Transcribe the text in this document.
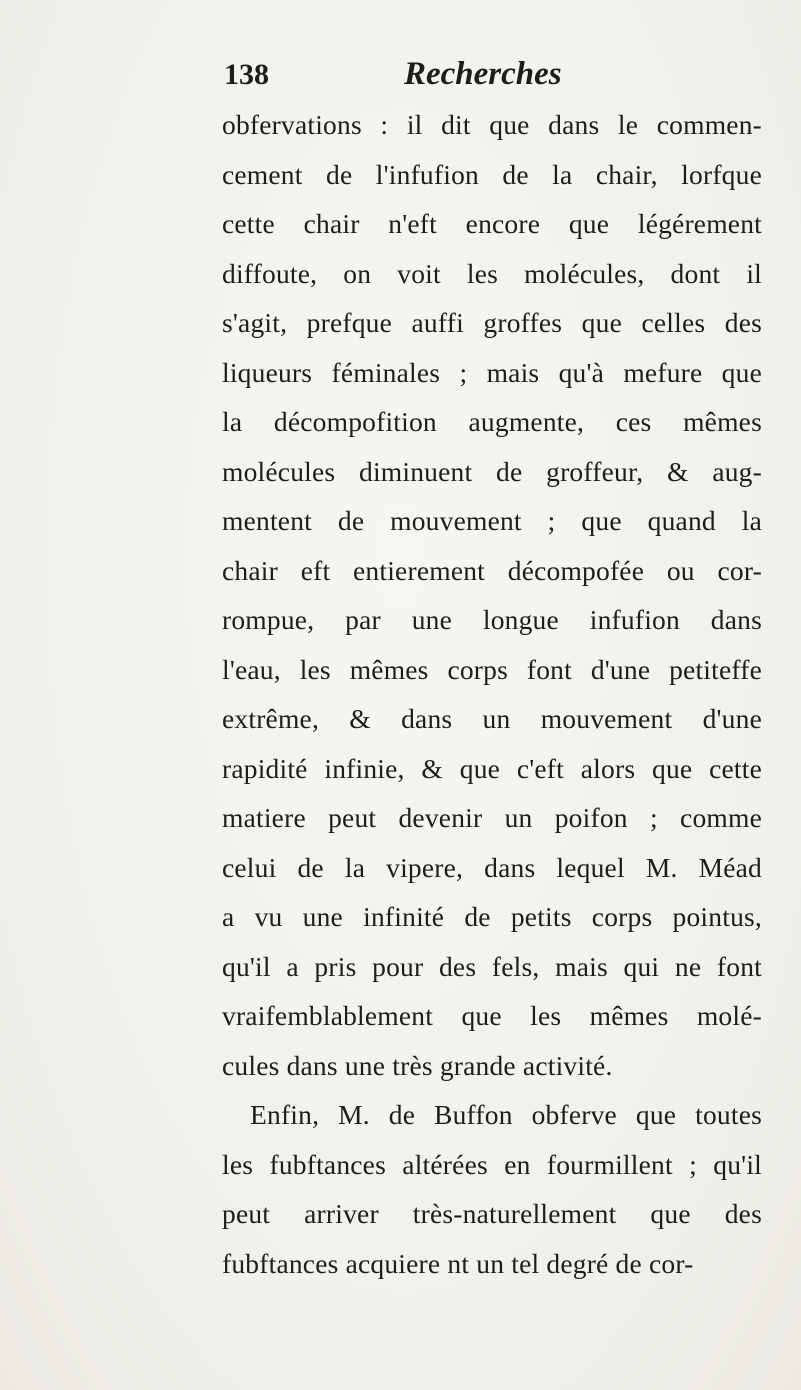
138	Recherches
obfervations : il dit que dans le commen-
cement de l'infufion de la chair, lorfque
cette chair n'eft encore que légérement
diffoute, on voit les molécules, dont il
s'agit, prefque auffi groffes que celles des
liqueurs féminales ; mais qu'à mefure que
la décompofition augmente, ces mêmes
molécules diminuent de groffeur, & aug-
mentent de mouvement ; que quand la
chair eft entierement décompofée ou cor-
rompue, par une longue infufion dans
l'eau, les mêmes corps font d'une petiteffe
extrême, & dans un mouvement d'une
rapidité infinie, & que c'eft alors que cette
matiere peut devenir un poifon ; comme
celui de la vipere, dans lequel M. Méad
a vu une infinité de petits corps pointus,
qu'il a pris pour des fels, mais qui ne font
vraifemblablement que les mêmes molé-
cules dans une très grande activité.
Enfin, M. de Buffon obferve que toutes
les fubftances altérées en fourmillent ; qu'il
peut arriver très-naturellement que des
fubftances acquiere nt un tel degré de cor-
